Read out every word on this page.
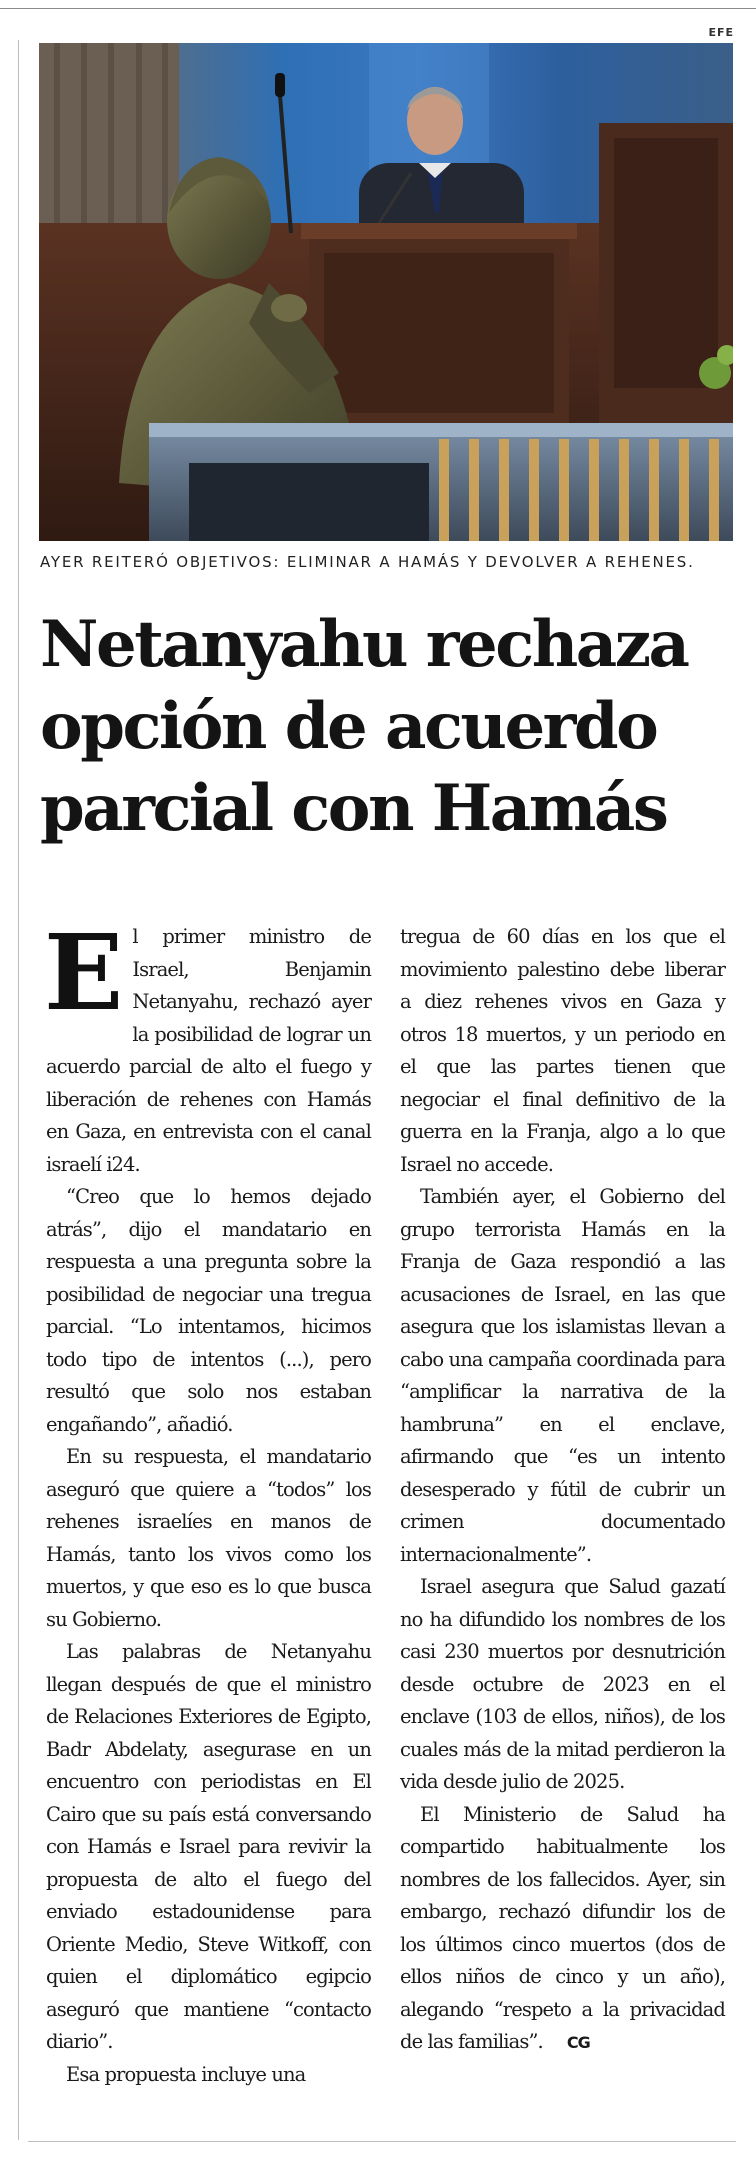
EFE
AYER REITERÓ OBJETIVOS: ELIMINAR A HAMÁS Y DEVOLVER A REHENES.
Netanyahu rechaza
opción de acuerdo
parcial con Hamás

El primer ministro de Israel, Benjamin Netanyahu, rechazó ayer la posibilidad de lograr un acuerdo parcial de alto el fuego y liberación de rehenes con Hamás en Gaza, en entrevista con el canal israelí i24.

“Creo que lo hemos dejado atrás”, dijo el mandatario en respuesta a una pregunta sobre la posibilidad de negociar una tregua parcial. “Lo intentamos, hicimos todo tipo de intentos (...), pero resultó que solo nos estaban engañando”, añadió.

En su respuesta, el mandatario aseguró que quiere a “todos” los rehenes israelíes en manos de Hamás, tanto los vivos como los muertos, y que eso es lo que busca su Gobierno.

Las palabras de Netanyahu llegan después de que el ministro de Relaciones Exteriores de Egipto, Badr Abdelaty, asegurase en un encuentro con periodistas en El Cairo que su país está conversando con Hamás e Israel para revivir la propuesta de alto el fuego del enviado estadounidense para Oriente Medio, Steve Witkoff, con quien el diplomático egipcio aseguró que mantiene “contacto diario”.

Esa propuesta incluye una

tregua de 60 días en los que el movimiento palestino debe liberar a diez rehenes vivos en Gaza y otros 18 muertos, y un periodo en el que las partes tienen que negociar el final definitivo de la guerra en la Franja, algo a lo que Israel no accede.

También ayer, el Gobierno del grupo terrorista Hamás en la Franja de Gaza respondió a las acusaciones de Israel, en las que asegura que los islamistas llevan a cabo una campaña coordinada para “amplificar la narrativa de la hambruna” en el enclave, afirmando que “es un intento desesperado y fútil de cubrir un crimen documentado internacionalmente”.

Israel asegura que Salud gazatí no ha difundido los nombres de los casi 230 muertos por desnutrición desde octubre de 2023 en el enclave (103 de ellos, niños), de los cuales más de la mitad perdieron la vida desde julio de 2025.

El Ministerio de Salud ha compartido habitualmente los nombres de los fallecidos. Ayer, sin embargo, rechazó difundir los de los últimos cinco muertos (dos de ellos niños de cinco y un año), alegando “respeto a la privacidad de las familias”. CG
